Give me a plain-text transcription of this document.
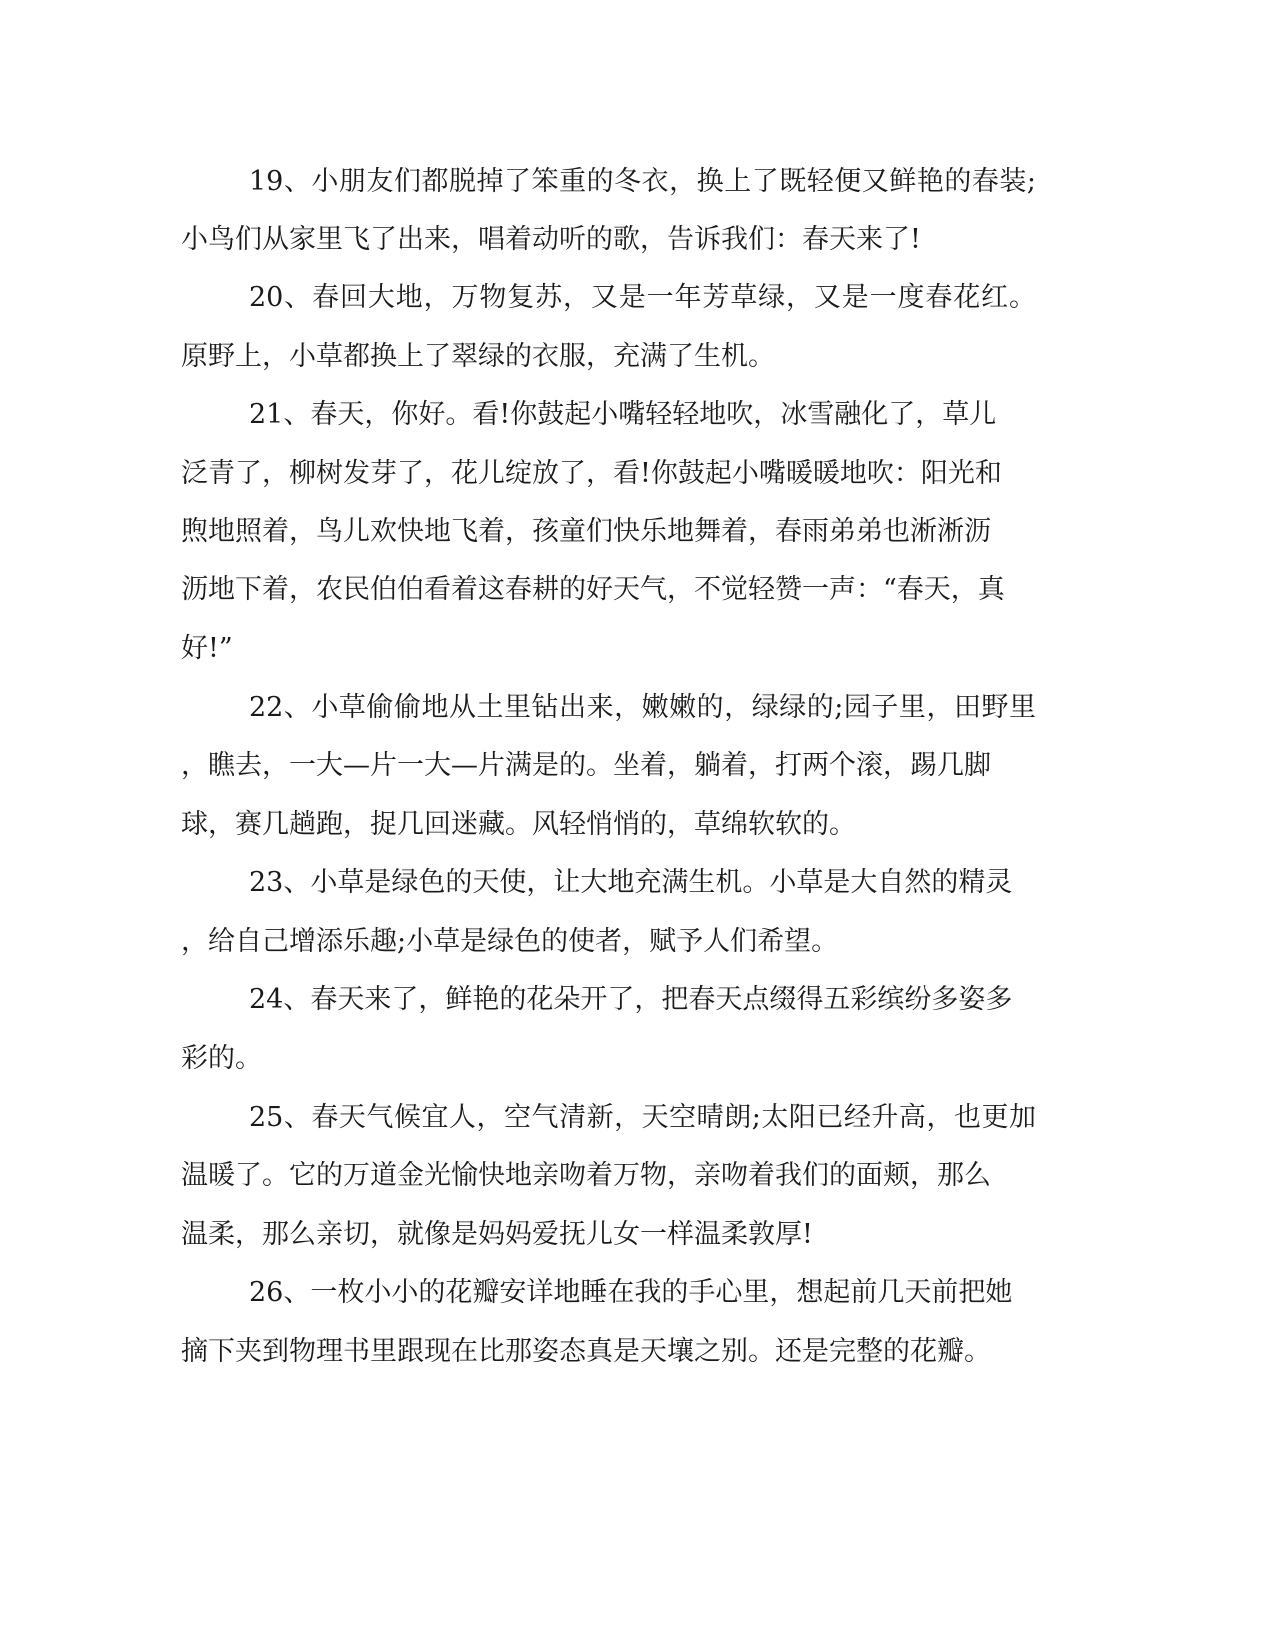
19、小朋友们都脱掉了笨重的冬衣，换上了既轻便又鲜艳的春装;

小鸟们从家里飞了出来，唱着动听的歌，告诉我们：春天来了!

20、春回大地，万物复苏，又是一年芳草绿，又是一度春花红。

原野上，小草都换上了翠绿的衣服，充满了生机。

21、春天，你好。看!你鼓起小嘴轻轻地吹，冰雪融化了，草儿

泛青了，柳树发芽了，花儿绽放了，看!你鼓起小嘴暖暖地吹：阳光和

煦地照着，鸟儿欢快地飞着，孩童们快乐地舞着，春雨弟弟也淅淅沥

沥地下着，农民伯伯看着这春耕的好天气，不觉轻赞一声：“春天，真

好!”

22、小草偷偷地从土里钻出来，嫩嫩的，绿绿的;园子里，田野里

，瞧去，一大—片一大—片满是的。坐着，躺着，打两个滚，踢几脚

球，赛几趟跑，捉几回迷藏。风轻悄悄的，草绵软软的。

23、小草是绿色的天使，让大地充满生机。小草是大自然的精灵

，给自己增添乐趣;小草是绿色的使者，赋予人们希望。

24、春天来了，鲜艳的花朵开了，把春天点缀得五彩缤纷多姿多

彩的。

25、春天气候宜人，空气清新，天空晴朗;太阳已经升高，也更加

温暖了。它的万道金光愉快地亲吻着万物，亲吻着我们的面颊，那么

温柔，那么亲切，就像是妈妈爱抚儿女一样温柔敦厚!

26、一枚小小的花瓣安详地睡在我的手心里，想起前几天前把她

摘下夹到物理书里跟现在比那姿态真是天壤之别。还是完整的花瓣。
